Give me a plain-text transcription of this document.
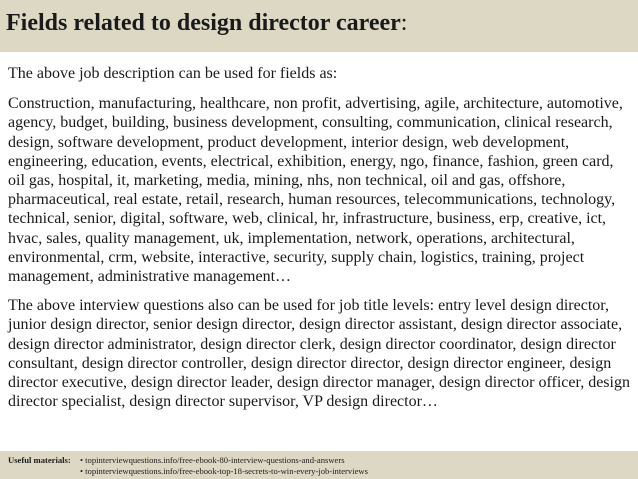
Fields related to design director career:

The above job description can be used for fields as:

Construction, manufacturing, healthcare, non profit, advertising, agile, architecture, automotive, agency, budget, building, business development, consulting, communication, clinical research, design, software development, product development, interior design, web development, engineering, education, events, electrical, exhibition, energy, ngo, finance, fashion, green card, oil gas, hospital, it, marketing, media, mining, nhs, non technical, oil and gas, offshore, pharmaceutical, real estate, retail, research, human resources, telecommunications, technology, technical, senior, digital, software, web, clinical, hr, infrastructure, business, erp, creative, ict, hvac, sales, quality management, uk, implementation, network, operations, architectural, environmental, crm, website, interactive, security, supply chain, logistics, training, project management, administrative management…

The above interview questions also can be used for job title levels: entry level design director, junior design director, senior design director, design director assistant, design director associate, design director administrator, design director clerk, design director coordinator, design director consultant, design director controller, design director director, design director engineer, design director executive, design director leader, design director manager, design director officer, design director specialist, design director supervisor, VP design director…

Useful materials: • topinterviewquestions.info/free-ebook-80-interview-questions-and-answers
• topinterviewquestions.info/free-ebook-top-18-secrets-to-win-every-job-interviews
